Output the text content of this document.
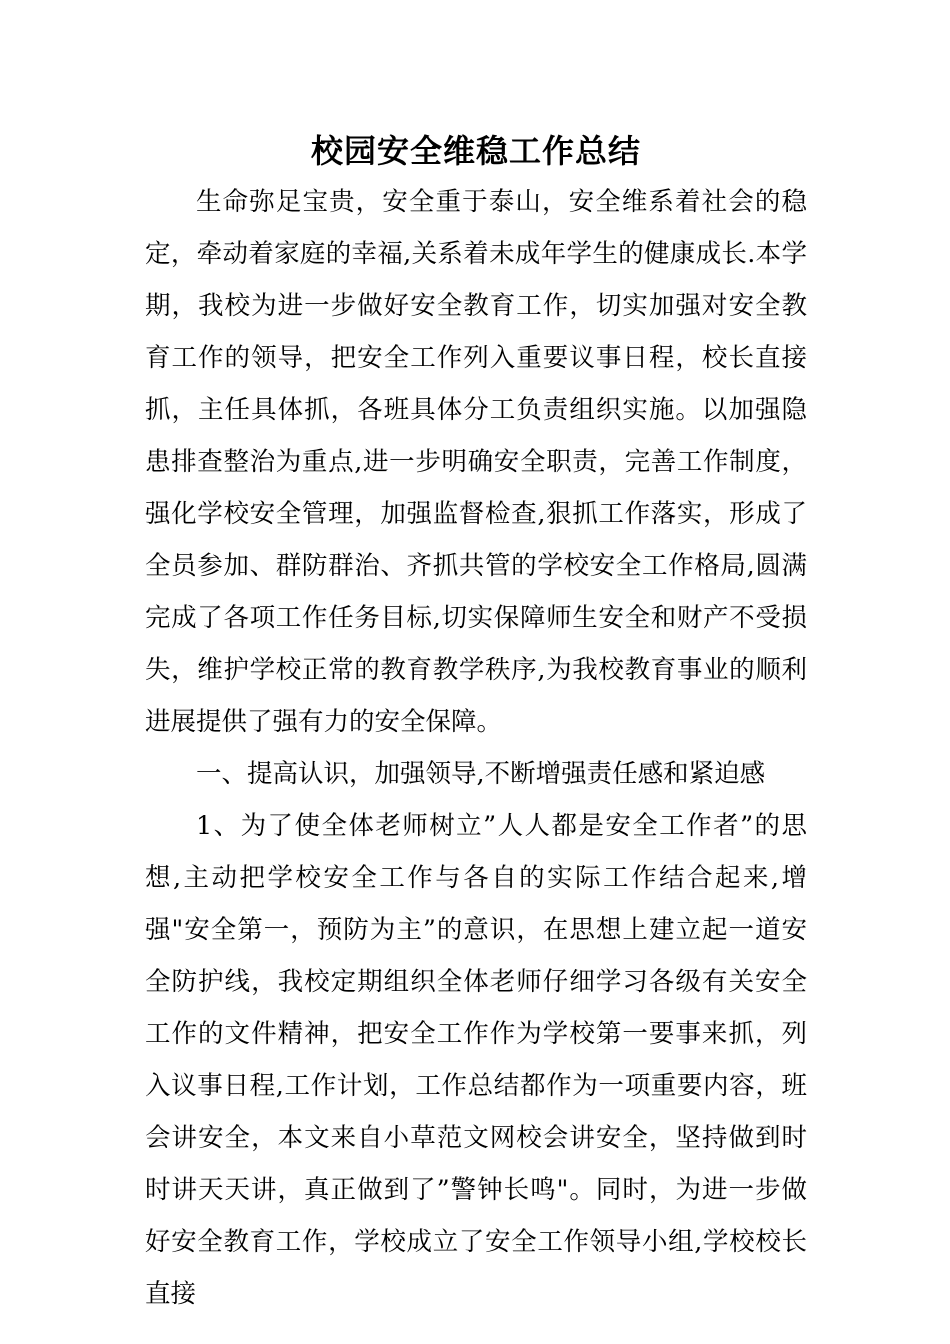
校园安全维稳工作总结

生命弥足宝贵，安全重于泰山，安全维系着社会的稳定，牵动着家庭的幸福,关系着未成年学生的健康成长.本学期，我校为进一步做好安全教育工作，切实加强对安全教育工作的领导，把安全工作列入重要议事日程，校长直接抓，主任具体抓，各班具体分工负责组织实施。以加强隐患排查整治为重点,进一步明确安全职责，完善工作制度，强化学校安全管理，加强监督检查,狠抓工作落实，形成了全员参加、群防群治、齐抓共管的学校安全工作格局,圆满完成了各项工作任务目标,切实保障师生安全和财产不受损失，维护学校正常的教育教学秩序,为我校教育事业的顺利进展提供了强有力的安全保障。

一、提高认识，加强领导,不断增强责任感和紧迫感

1、为了使全体老师树立”人人都是安全工作者”的思想,主动把学校安全工作与各自的实际工作结合起来,增强"安全第一，预防为主”的意识，在思想上建立起一道安全防护线，我校定期组织全体老师仔细学习各级有关安全工作的文件精神，把安全工作作为学校第一要事来抓，列入议事日程,工作计划，工作总结都作为一项重要内容，班会讲安全，本文来自小草范文网校会讲安全，坚持做到时时讲天天讲，真正做到了”警钟长鸣"。同时，为进一步做好安全教育工作，学校成立了安全工作领导小组,学校校长直接
